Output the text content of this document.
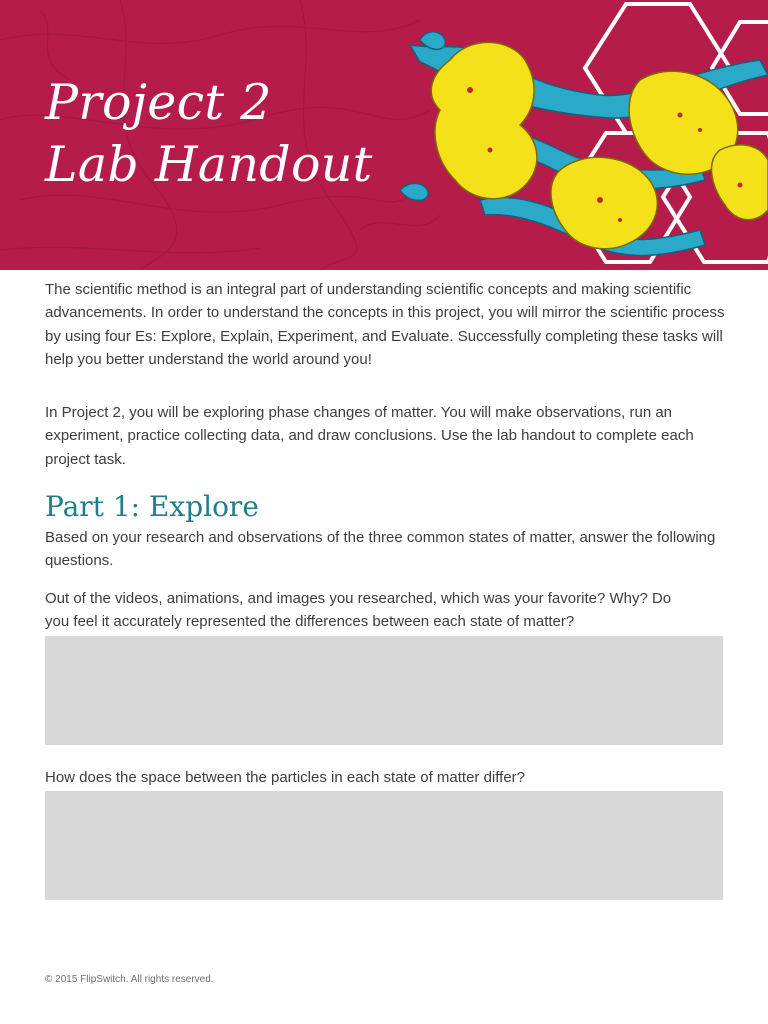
Project 2
Lab Handout

The scientific method is an integral part of understanding scientific concepts and making scientific advancements. In order to understand the concepts in this project, you will mirror the scientific process by using four Es: Explore, Explain, Experiment, and Evaluate. Successfully completing these tasks will help you better understand the world around you!

In Project 2, you will be exploring phase changes of matter. You will make observations, run an experiment, practice collecting data, and draw conclusions. Use the lab handout to complete each project task.

Part 1: Explore

Based on your research and observations of the three common states of matter, answer the following questions.

Out of the videos, animations, and images you researched, which was your favorite? Why? Do you feel it accurately represented the differences between each state of matter?

How does the space between the particles in each state of matter differ?

© 2015 FlipSwitch. All rights reserved.
